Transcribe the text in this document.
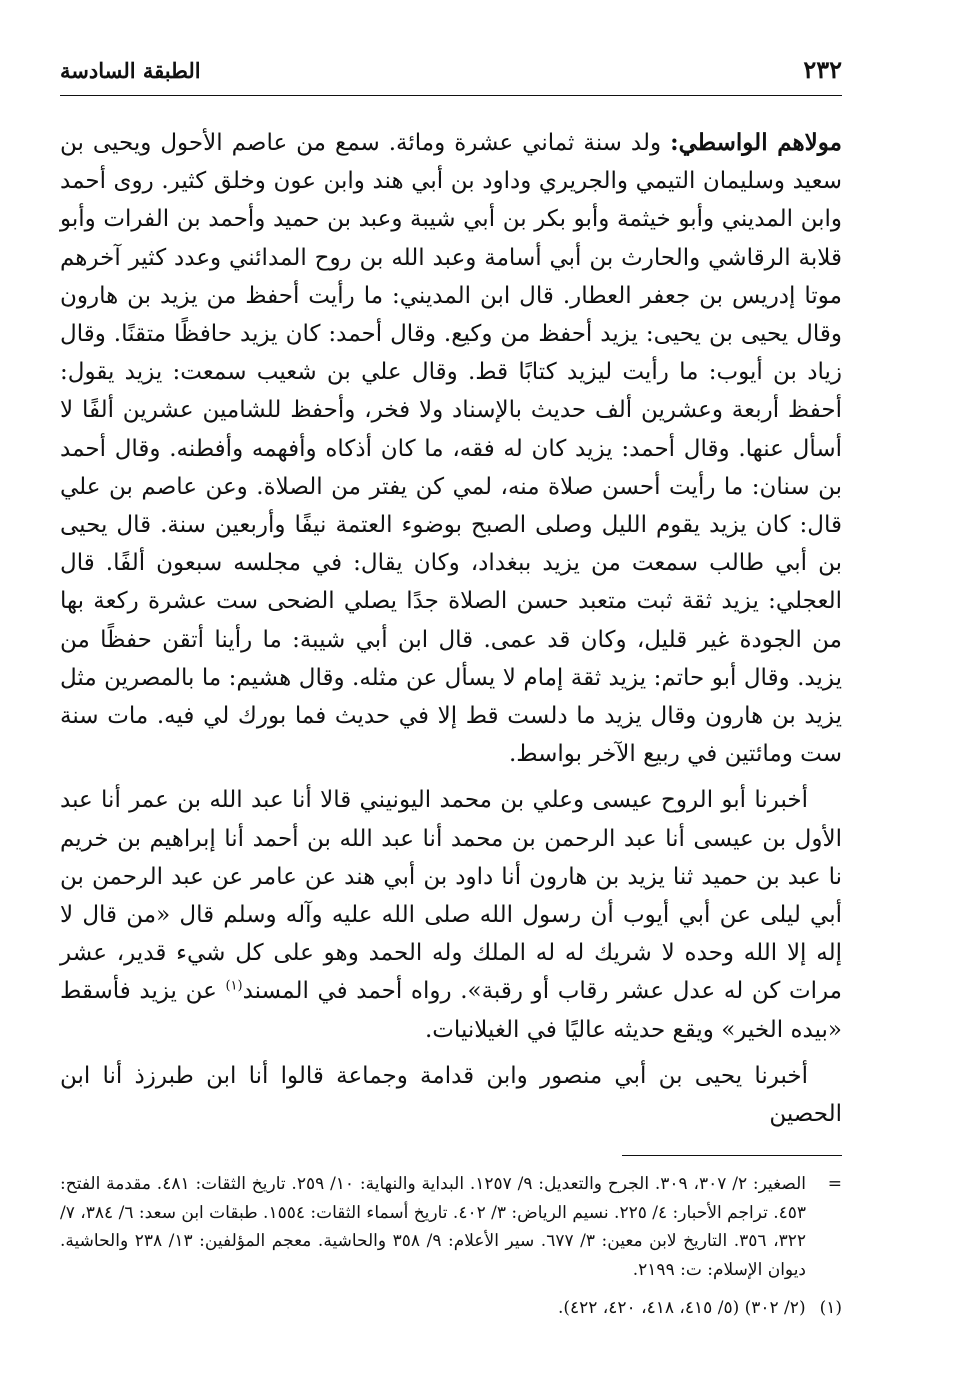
٢٣٢
الطبقة السادسة

مولاهم الواسطي: ولد سنة ثماني عشرة ومائة. سمع من عاصم الأحول ويحيى بن سعيد وسليمان التيمي والجريري وداود بن أبي هند وابن عون وخلق كثير. روى أحمد وابن المديني وأبو خيثمة وأبو بكر بن أبي شيبة وعبد بن حميد وأحمد بن الفرات وأبو قلابة الرقاشي والحارث بن أبي أسامة وعبد الله بن روح المدائني وعدد كثير آخرهم موتا إدريس بن جعفر العطار. قال ابن المديني: ما رأيت أحفظ من يزيد بن هارون وقال يحيى بن يحيى: يزيد أحفظ من وكيع. وقال أحمد: كان يزيد حافظًا متقنًا. وقال زياد بن أيوب: ما رأيت ليزيد كتابًا قط. وقال علي بن شعيب سمعت: يزيد يقول: أحفظ أربعة وعشرين ألف حديث بالإسناد ولا فخر، وأحفظ للشامين عشرين ألفًا لا أسأل عنها. وقال أحمد: يزيد كان له فقه، ما كان أذكاه وأفهمه وأفطنه. وقال أحمد بن سنان: ما رأيت أحسن صلاة منه، لمي كن يفتر من الصلاة. وعن عاصم بن علي قال: كان يزيد يقوم الليل وصلى الصبح بوضوء العتمة نيفًا وأربعين سنة. قال يحيى بن أبي طالب سمعت من يزيد ببغداد، وكان يقال: في مجلسه سبعون ألفًا. قال العجلي: يزيد ثقة ثبت متعبد حسن الصلاة جدًا يصلي الضحى ست عشرة ركعة بها من الجودة غير قليل، وكان قد عمى. قال ابن أبي شيبة: ما رأينا أتقن حفظًا من يزيد. وقال أبو حاتم: يزيد ثقة إمام لا يسأل عن مثله. وقال هشيم: ما بالمصرين مثل يزيد بن هارون وقال يزيد ما دلست قط إلا في حديث فما بورك لي فيه. مات سنة ست ومائتين في ربيع الآخر بواسط.

أخبرنا أبو الروح عيسى وعلي بن محمد اليونيني قالا أنا عبد الله بن عمر أنا عبد الأول بن عيسى أنا عبد الرحمن بن محمد أنا عبد الله بن أحمد أنا إبراهيم بن خريم نا عبد بن حميد ثنا يزيد بن هارون أنا داود بن أبي هند عن عامر عن عبد الرحمن بن أبي ليلى عن أبي أيوب أن رسول الله صلى الله عليه وآله وسلم قال «من قال لا إله إلا الله وحده لا شريك له له الملك وله الحمد وهو على كل شيء قدير، عشر مرات كن له عدل عشر رقاب أو رقبة». رواه أحمد في المسند$^{(١)}$ عن يزيد فأسقط «بيده الخير» ويقع حديثه عاليًا في الغيلانيات.

أخبرنا يحيى بن أبي منصور وابن قدامة وجماعة قالوا أنا ابن طبرزذ أنا ابن الحصين

=
الصغير: ٢/ ٣٠٧، ٣٠٩. الجرح والتعديل: ٩/ ١٢٥٧. البداية والنهاية: ١٠/ ٢٥٩. تاريخ الثقات: ٤٨١. مقدمة الفتح: ٤٥٣. تراجم الأحبار: ٤/ ٢٢٥. نسيم الرياض: ٣/ ٤٠٢. تاريخ أسماء الثقات: ١٥٥٤. طبقات ابن سعد: ٦/ ٣٨٤، ٧/ ٣٢٢، ٣٥٦. التاريخ لابن معين: ٣/ ٦٧٧. سير الأعلام: ٩/ ٣٥٨ والحاشية. معجم المؤلفين: ١٣/ ٢٣٨ والحاشية. ديوان الإسلام: ت: ٢١٩٩.
(١)
(٢/ ٣٠٢) (٥/ ٤١٥، ٤١٨، ٤٢٠، ٤٢٢).
